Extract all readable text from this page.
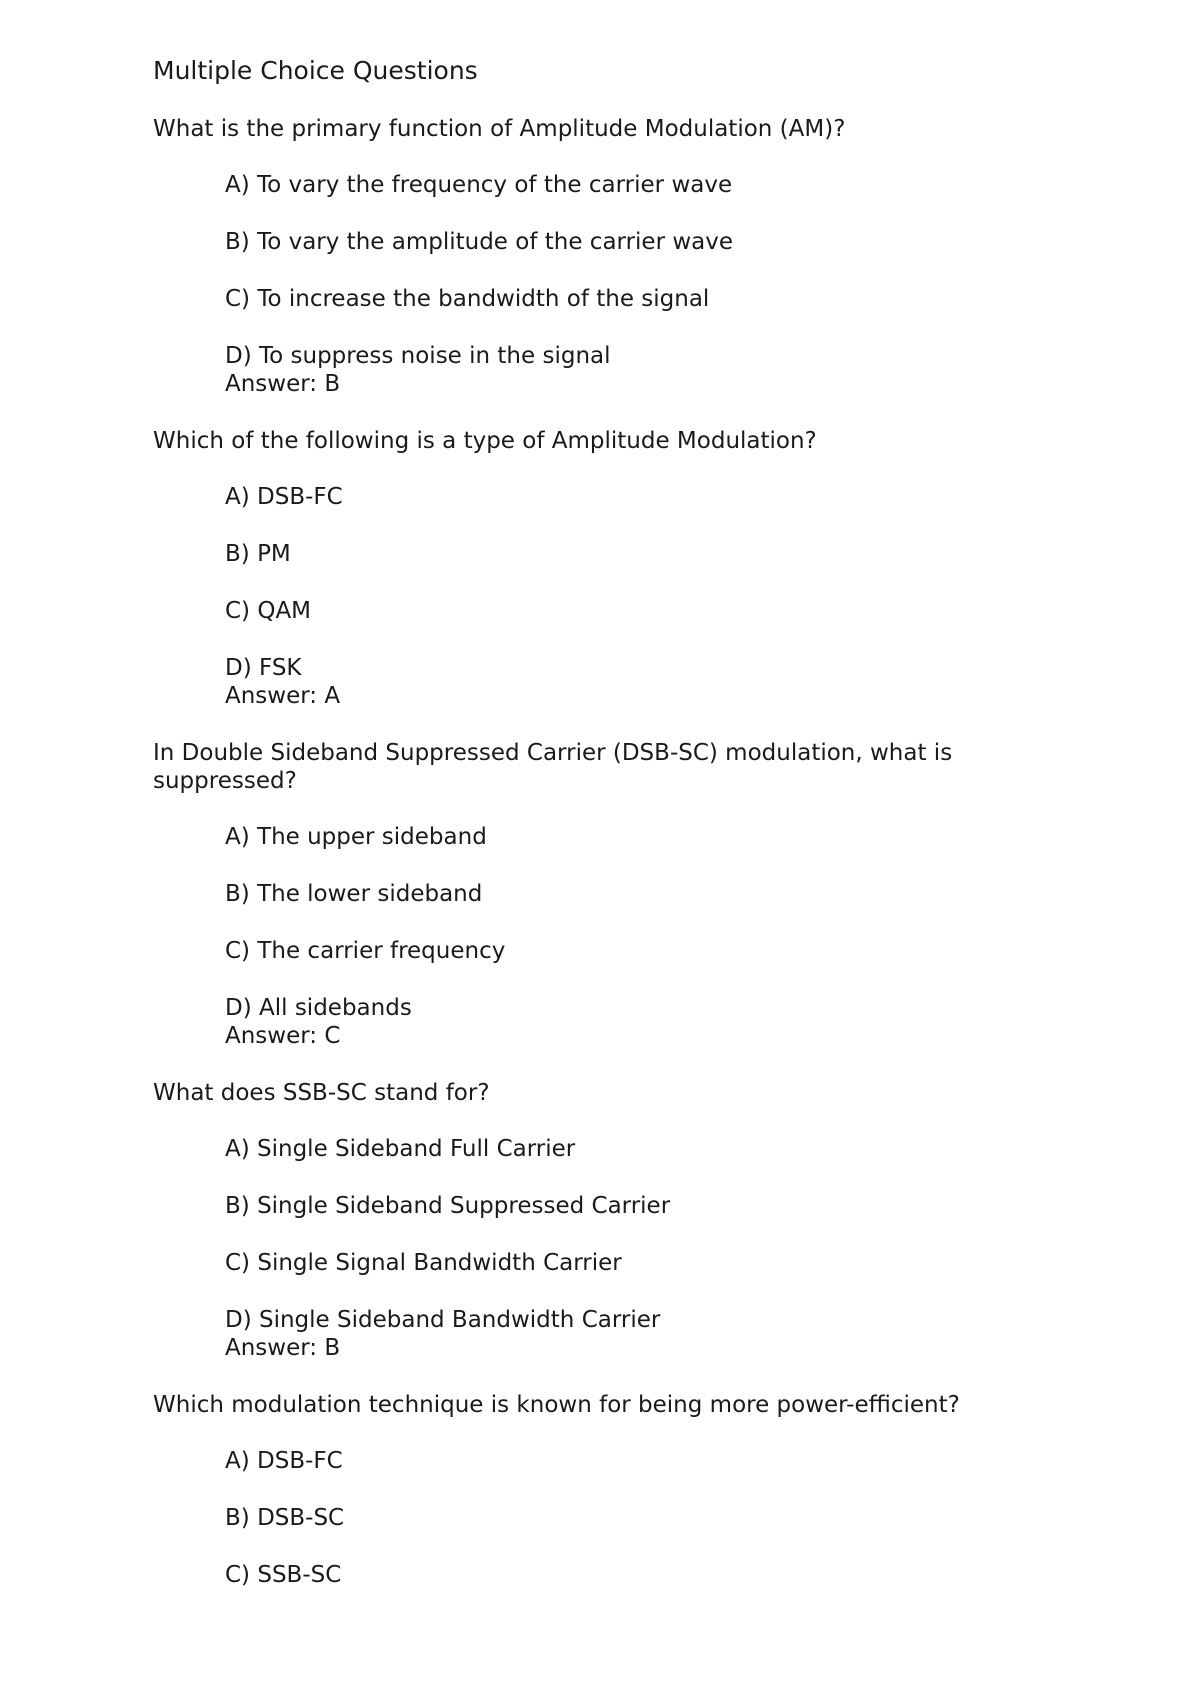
Multiple Choice Questions

What is the primary function of Amplitude Modulation (AM)?

A) To vary the frequency of the carrier wave
B) To vary the amplitude of the carrier wave
C) To increase the bandwidth of the signal
D) To suppress noise in the signal

Answer: B

Which of the following is a type of Amplitude Modulation?

A) DSB-FC
B) PM
C) QAM
D) FSK

Answer: A

In Double Sideband Suppressed Carrier (DSB-SC) modulation, what is suppressed?

A) The upper sideband
B) The lower sideband
C) The carrier frequency
D) All sidebands

Answer: C

What does SSB-SC stand for?

A) Single Sideband Full Carrier
B) Single Sideband Suppressed Carrier
C) Single Signal Bandwidth Carrier
D) Single Sideband Bandwidth Carrier

Answer: B

Which modulation technique is known for being more power-efficient?

A) DSB-FC
B) DSB-SC
C) SSB-SC
